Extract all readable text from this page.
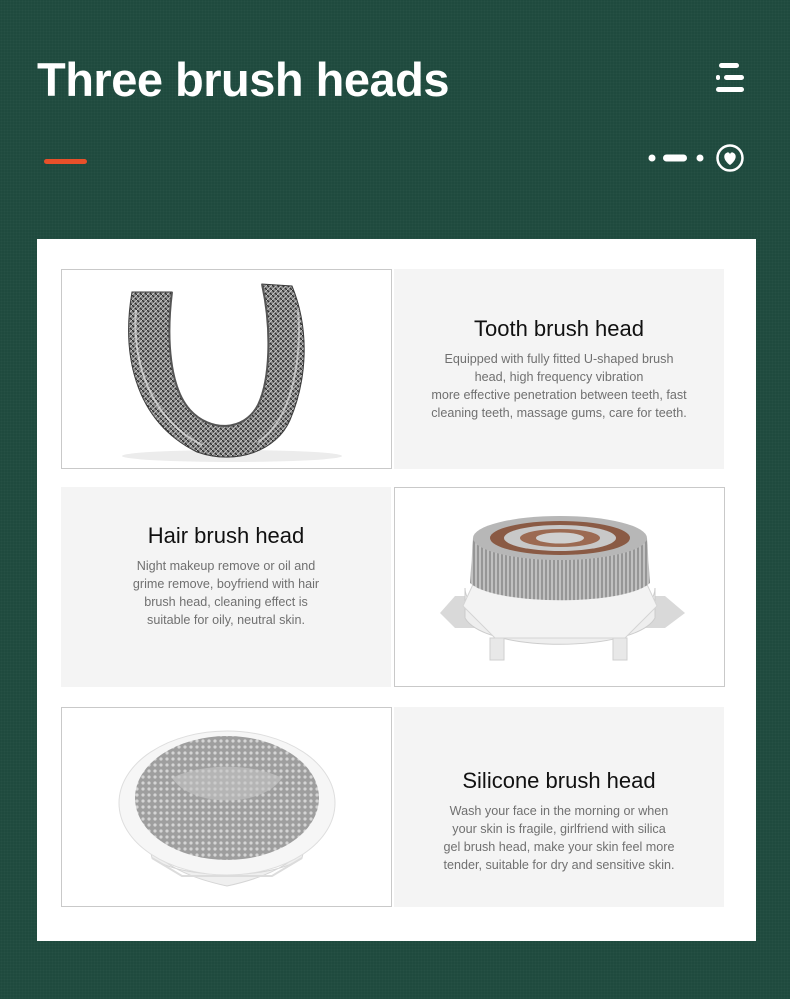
Three brush heads
Tooth brush head

Equipped with fully fitted U-shaped brush

head, high frequency vibration

more effective penetration between teeth, fast

cleaning teeth, massage gums, care for teeth.

Hair brush head

Night makeup remove or oil and

grime remove, boyfriend with hair

brush head, cleaning effect is

suitable for oily, neutral skin.

Silicone brush head

Wash your face in the morning or when

your skin is fragile, girlfriend with silica

gel brush head, make your skin feel more

tender, suitable for dry and sensitive skin.
